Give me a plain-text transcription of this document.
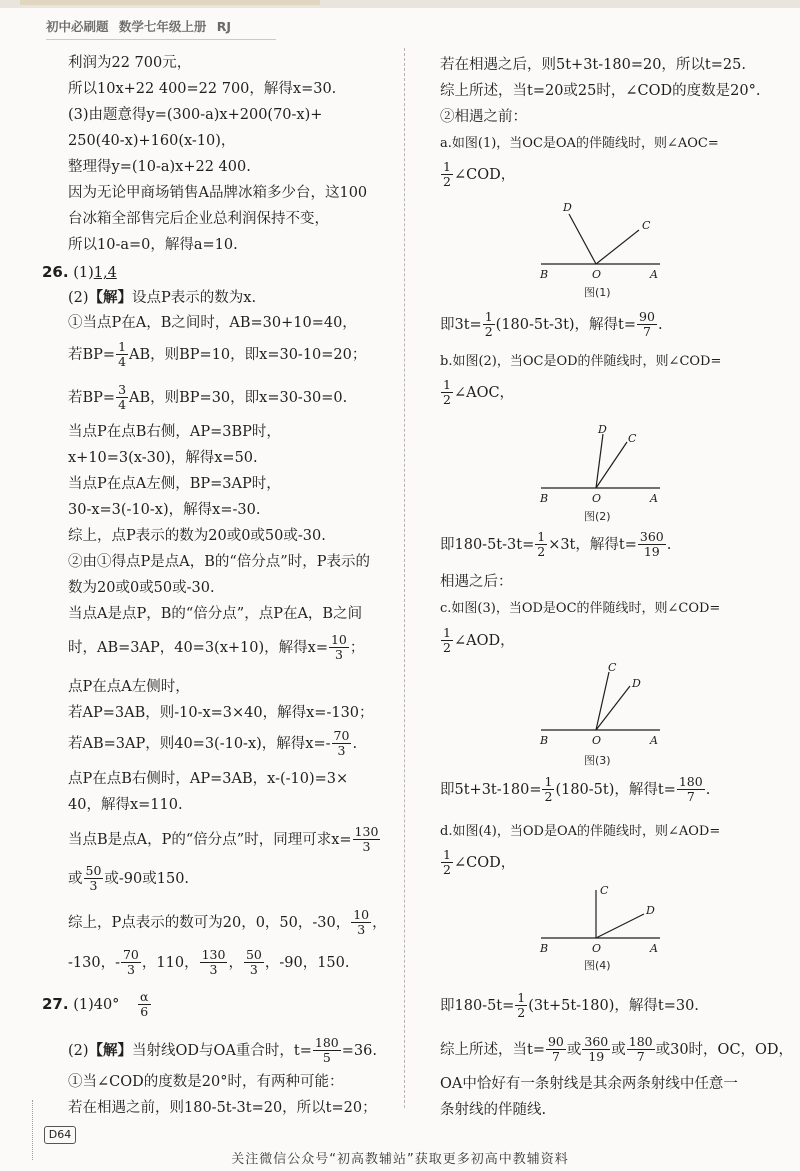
初中必刷题 数学七年级上册 RJ
利润为22 700元，
所以10x+22 400=22 700，解得x=30.
(3)由题意得y=(300-a)x+200(70-x)+
250(40-x)+160(x-10)，
整理得y=(10-a)x+22 400.
因为无论甲商场销售A品牌冰箱多少台，这100
台冰箱全部售完后企业总利润保持不变，
所以10-a=0，解得a=10.
26. (1)1,4
(2)【解】设点P表示的数为x.
①当点P在A，B之间时，AB=30+10=40，
若$BP= \frac{1}{4}$ AB，则BP=10，即x=30-10=20；
若$BP= \frac{3}{4}$ AB，则BP=30，即x=30-30=0.
当点P在点B右侧，AP=3BP时，
x+10=3(x-30)，解得x=50.
当点P在点A左侧，BP=3AP时，
30-x=3(-10-x)，解得x=-30.
综上，点P表示的数为20或0或50或-30.
②由①得点P是点A，B的“倍分点”时，P表示的
数为20或0或50或-30.
当点A是点P，B的“倍分点”，点P在A，B之间
时，AB=3AP，40=3(x+10)，解得$x= \frac{10}{3}$ ；
点P在点A左侧时，
若AP=3AB，则-10-x=3×40，解得x=-130；
若AB=3AP，则40=3(-10-x)，解得$x=- \frac{70}{3}$ .
点P在点B右侧时，AP=3AB，x-(-10)=3×
40，解得x=110.
当点B是点A，P的“倍分点”时，同理可求$x= \frac{130}{3}$
或 $\frac{50}{3}$ 或-90或150.
综上，P点表示的数可为20，0，50，-30， $\frac{10}{3}$ ，
-130，- $\frac{70}{3}$ ，110， $\frac{130}{3}$ ， $\frac{50}{3}$ ，-90，150.
27. $(1)40^\circ \frac{\alpha}{6}$
(2)【解】当射线OD与OA重合时，$t= \frac{180}{5} =36$.
①当∠COD的度数是20°时，有两种可能：
若在相遇之前，则180-5t-3t=20，所以t=20；
若在相遇之后，则5t+3t-180=20，所以t=25.
综上所述，当t=20或25时，∠COD的度数是20°.
②相遇之前：
a.如图(1)，当OC是OA的伴随线时，则∠AOC=
$\frac{1}{2}$ ∠COD，
B	O	A
D
C
图(1)
即$3t= \frac{1}{2} (180-5t-3t)$，解得$t= \frac{90}{7}$ .
b.如图(2)，当OC是OD的伴随线时，则∠COD=
$\frac{1}{2}$ ∠AOC，
B	O	A
D
C
图(2)
即$180-5t-3t= \frac{1}{2} \times 3t$，解得$t= \frac{360}{19}$ .
相遇之后：
c.如图(3)，当OD是OC的伴随线时，则∠COD=
$\frac{1}{2}$ ∠AOD，
B	O	A
C
D
图(3)
即$5t+3t-180= \frac{1}{2} (180-5t)$，解得$t= \frac{180}{7}$ .
d.如图(4)，当OD是OA的伴随线时，则∠AOD=
$\frac{1}{2}$ ∠COD，
B	O	A
C
D
图(4)
即$180-5t= \frac{1}{2} (3t+5t-180)$，解得t=30.
综上所述，当$t= \frac{90}{7}$ 或 $\frac{360}{19}$ 或 $\frac{180}{7}$ 或30时，OC，OD，
OA中恰好有一条射线是其余两条射线中任意一
条射线的伴随线.
D64
关注微信公众号“初高教辅站”获取更多初高中教辅资料
